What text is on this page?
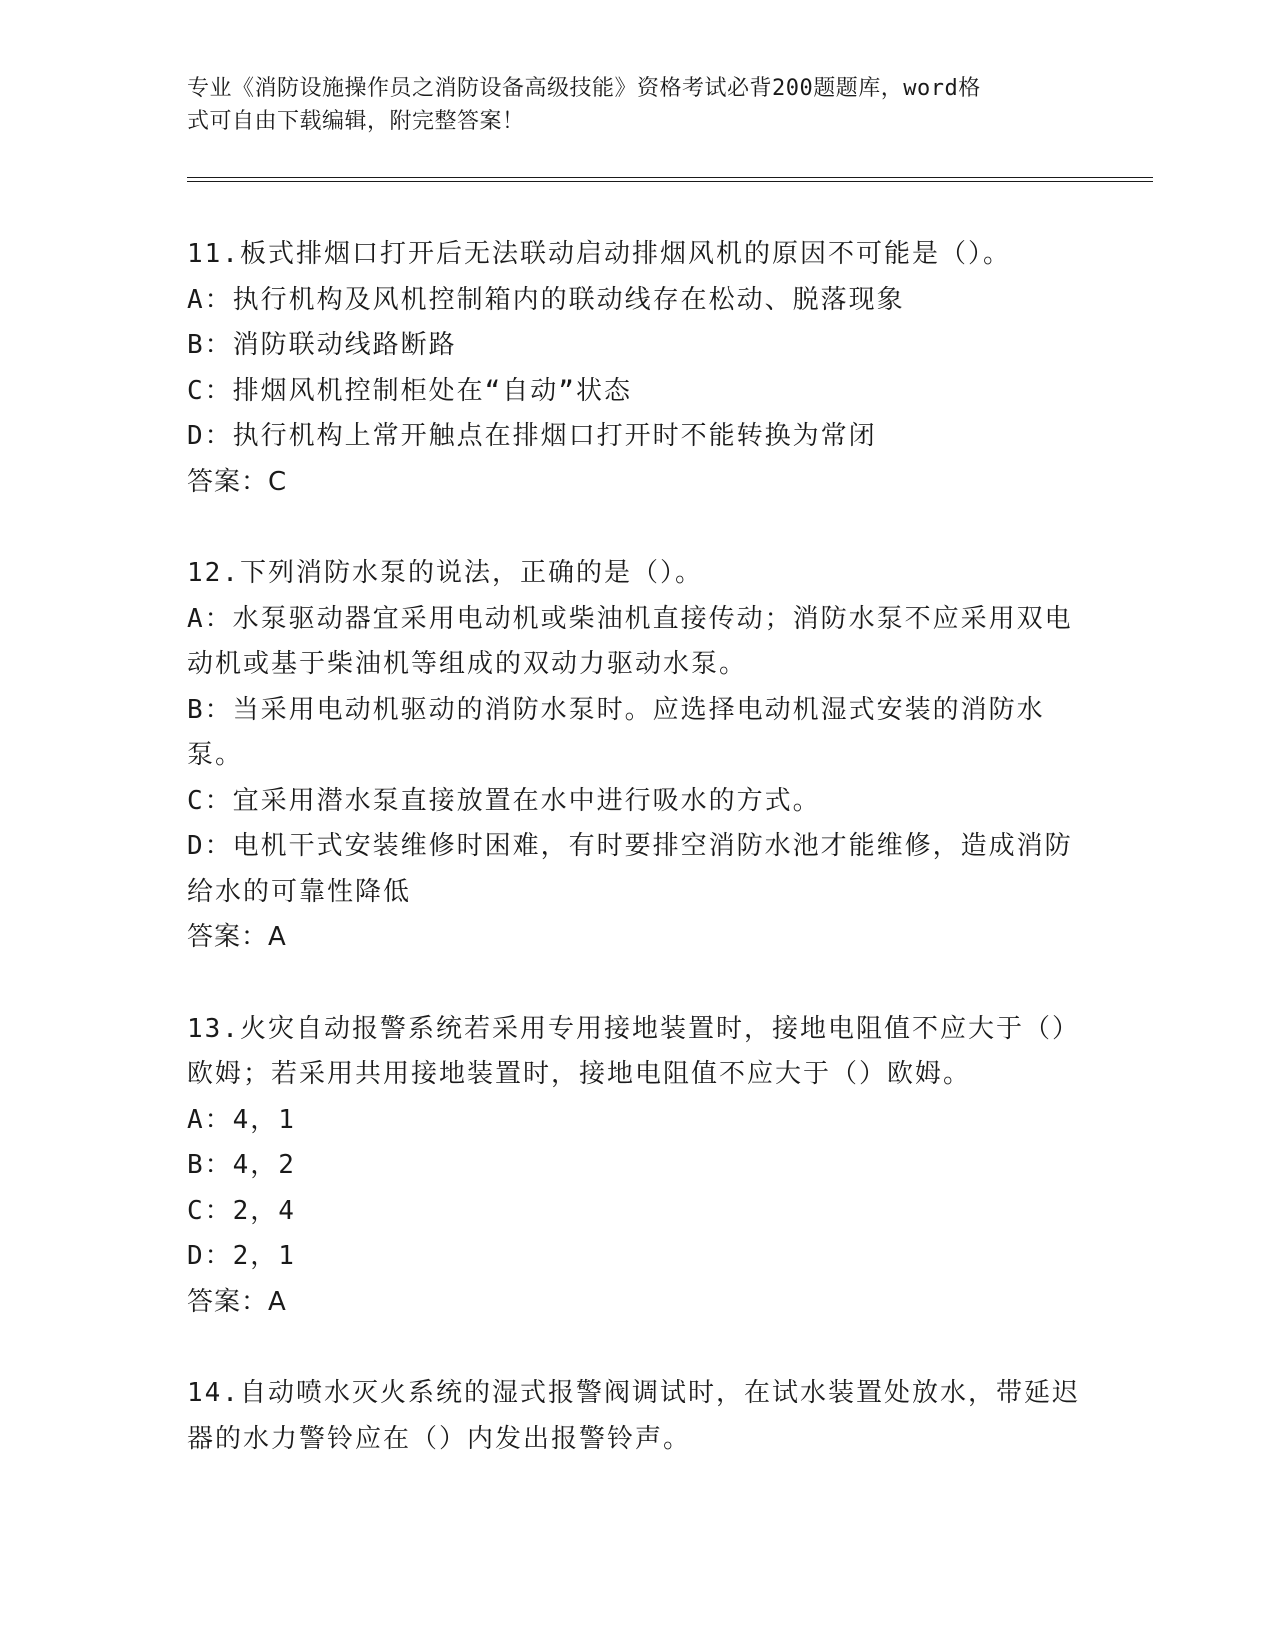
专业《消防设施操作员之消防设备高级技能》资格考试必背200题题库，word格
式可自由下载编辑，附完整答案！

11.板式排烟口打开后无法联动启动排烟风机的原因不可能是（）。

A：执行机构及风机控制箱内的联动线存在松动、脱落现象

B：消防联动线路断路

C：排烟风机控制柜处在“自动”状态

D：执行机构上常开触点在排烟口打开时不能转换为常闭

答案：C

12.下列消防水泵的说法，正确的是（）。

A：水泵驱动器宜采用电动机或柴油机直接传动；消防水泵不应采用双电动机或基于柴油机等组成的双动力驱动水泵。

B：当采用电动机驱动的消防水泵时。应选择电动机湿式安装的消防水泵。

C：宜采用潜水泵直接放置在水中进行吸水的方式。

D：电机干式安装维修时困难，有时要排空消防水池才能维修，造成消防给水的可靠性降低

答案：A

13.火灾自动报警系统若采用专用接地装置时，接地电阻值不应大于（）欧姆；若采用共用接地装置时，接地电阻值不应大于（）欧姆。

A：4，1

B：4，2

C：2，4

D：2，1

答案：A

14.自动喷水灭火系统的湿式报警阀调试时，在试水装置处放水，带延迟器的水力警铃应在（）内发出报警铃声。
